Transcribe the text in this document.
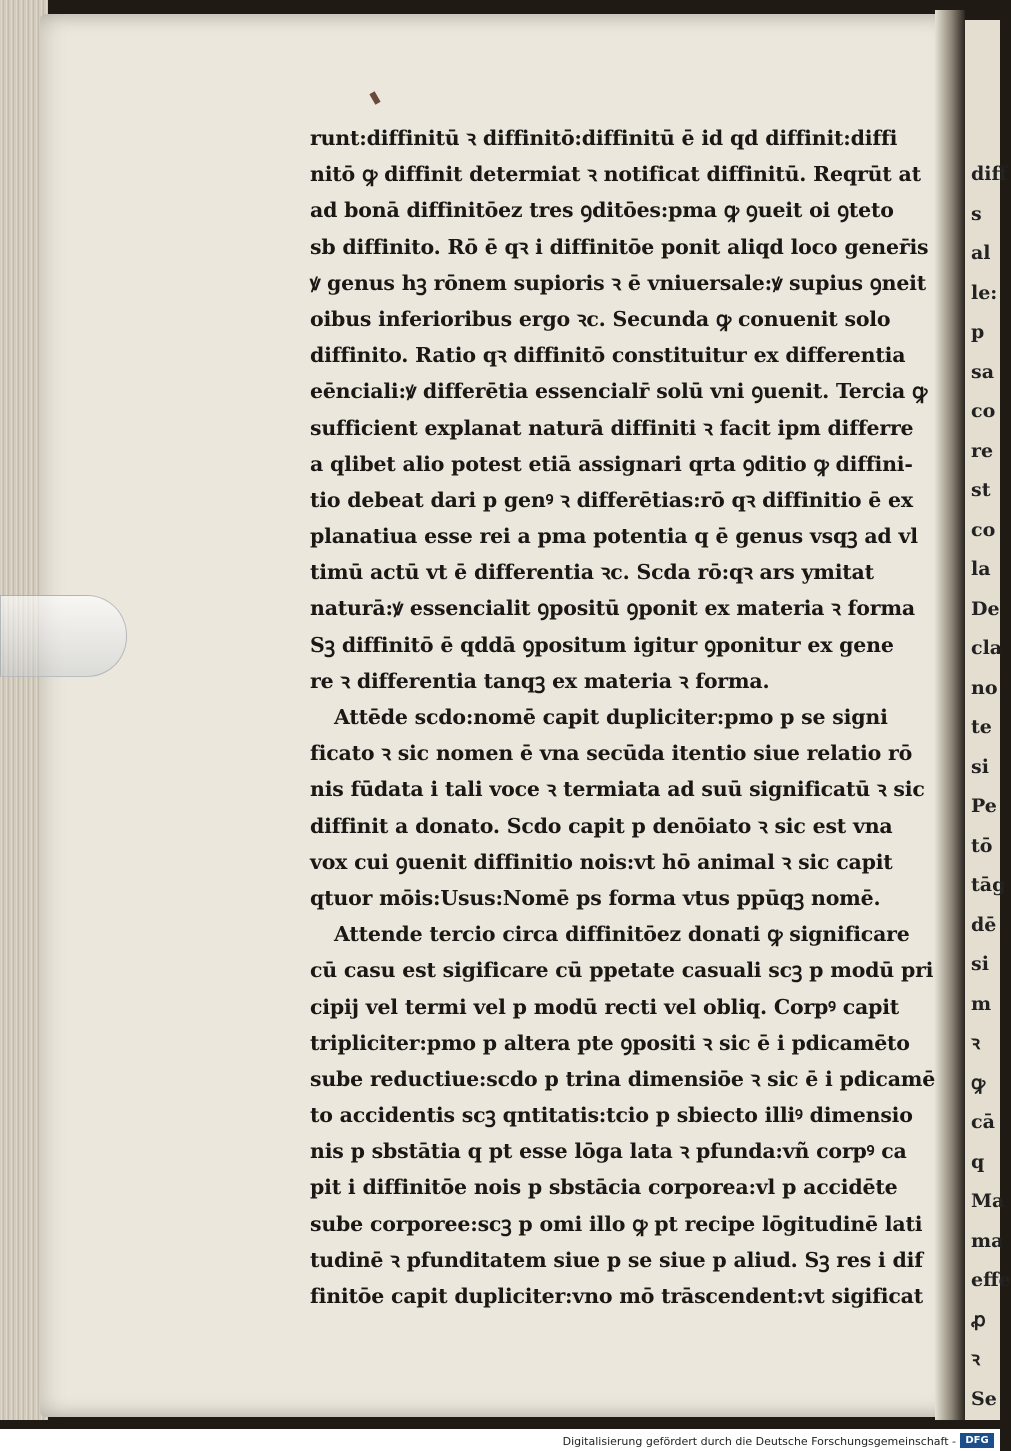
diff
s
al
le:
p
sa
co
re
st
co
la
De
cla
no
te
si
Pe
tō
tāg
dē
si
m
ꝛ
ꝙ
cā
q
Ma
ma
effe
ꝓ
ꝛ
Se
runt:diffinitū ꝛ diffinitō:diffinitū ē id qd diffinit:diffi
nitō ꝙ diffinit determiat ꝛ notificat diffinitū. Reqrūt at
ad bonā diffinitōez tres ꝯditōes:pma ꝙ ꝯueit oi ꝯteto
sb diffinito. Rō ē qꝛ i diffinitōe ponit aliqd loco gener̄is
ꝟ genus hꝫ rōnem supioris ꝛ ē vniuersale:ꝟ supius ꝯneit
oibus inferioribus ergo ꝛc. Secunda ꝙ conuenit solo
diffinito. Ratio qꝛ diffinitō constituitur ex differentia
eēnciali:ꝟ differētia essencialr̄ solū vni ꝯuenit. Tercia ꝙ
sufficient explanat naturā diffiniti ꝛ facit ipm differre
a qlibet alio potest etiā assignari qrta ꝯditio ꝙ diffini-
tio debeat dari p genꝰ ꝛ differētias:rō qꝛ diffinitio ē ex
planatiua esse rei a pma potentia q ē genus vsqꝫ ad vl
timū actū vt ē differentia ꝛc. Scda rō:qꝛ ars ymitat
naturā:ꝟ essencialit ꝯpositū ꝯponit ex materia ꝛ forma
Sꝫ diffinitō ē qddā ꝯpositum igitur ꝯponitur ex gene
re ꝛ differentia tanqꝫ ex materia ꝛ forma.
Attēde scdo:nomē capit dupliciter:pmo p se signi
ficato ꝛ sic nomen ē vna secūda itentio siue relatio rō
nis fūdata i tali voce ꝛ termiata ad suū significatū ꝛ sic
diffinit a donato. Scdo capit p denōiato ꝛ sic est vna
vox cui ꝯuenit diffinitio nois:vt hō animal ꝛ sic capit
qtuor mōis:Usus:Nomē ps forma vtus ppūqꝫ nomē.
Attende tercio circa diffinitōez donati ꝙ significare
cū casu est sigificare cū ppetate casuali scꝫ p modū pri
cipij vel termi vel p modū recti vel obliq. Corpꝰ capit
tripliciter:pmo p altera pte ꝯpositi ꝛ sic ē i pdicamēto
sube reductiue:scdo p trina dimensiōe ꝛ sic ē i pdicamē
to accidentis scꝫ qntitatis:tcio p sbiecto illiꝰ dimensio
nis p sbstātia q pt esse lōga lata ꝛ pfunda:vñ corpꝰ ca
pit i diffinitōe nois p sbstācia corporea:vl p accidēte
sube corporee:scꝫ p omi illo ꝙ pt recipe lōgitudinē lati
tudinē ꝛ pfunditatem siue p se siue p aliud. Sꝫ res i dif
finitōe capit dupliciter:vno mō trāscendent:vt sigificat
Digitalisierung gefördert durch die Deutsche Forschungsgemeinschaft - DFG
